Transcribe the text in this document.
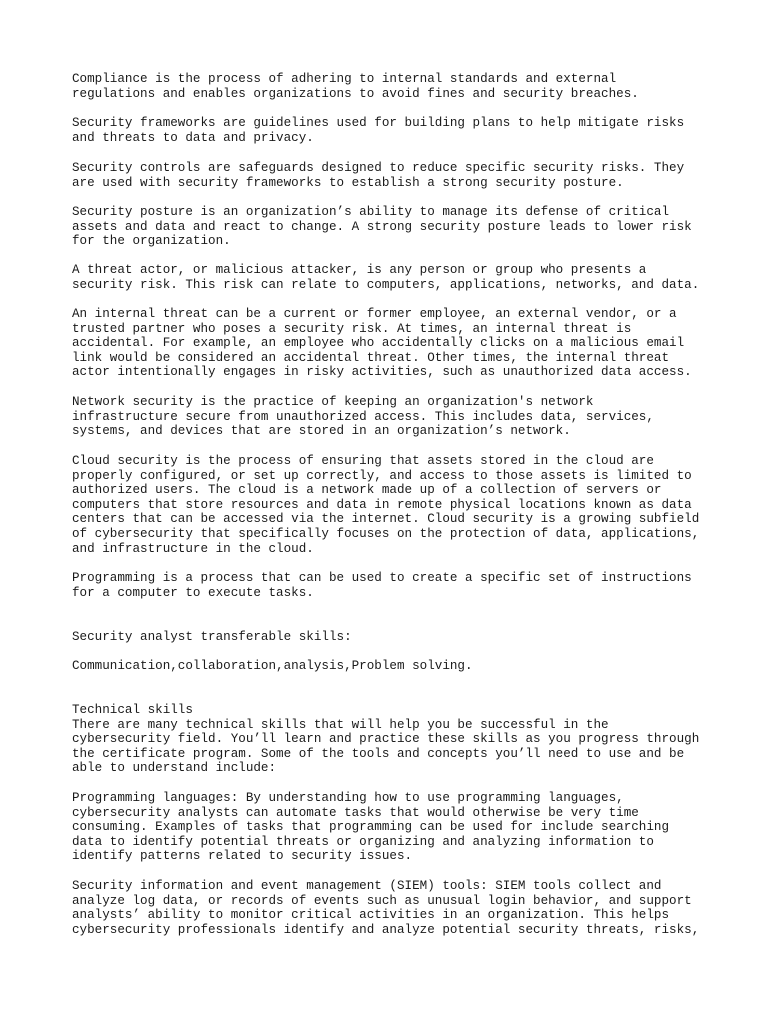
Compliance is the process of adhering to internal standards and external
regulations and enables organizations to avoid fines and security breaches.

Security frameworks are guidelines used for building plans to help mitigate risks
and threats to data and privacy.

Security controls are safeguards designed to reduce specific security risks. They
are used with security frameworks to establish a strong security posture.

Security posture is an organization’s ability to manage its defense of critical
assets and data and react to change. A strong security posture leads to lower risk
for the organization.

A threat actor, or malicious attacker, is any person or group who presents a
security risk. This risk can relate to computers, applications, networks, and data.

An internal threat can be a current or former employee, an external vendor, or a
trusted partner who poses a security risk. At times, an internal threat is
accidental. For example, an employee who accidentally clicks on a malicious email
link would be considered an accidental threat. Other times, the internal threat
actor intentionally engages in risky activities, such as unauthorized data access.

Network security is the practice of keeping an organization's network
infrastructure secure from unauthorized access. This includes data, services,
systems, and devices that are stored in an organization’s network.

Cloud security is the process of ensuring that assets stored in the cloud are
properly configured, or set up correctly, and access to those assets is limited to
authorized users. The cloud is a network made up of a collection of servers or
computers that store resources and data in remote physical locations known as data
centers that can be accessed via the internet. Cloud security is a growing subfield
of cybersecurity that specifically focuses on the protection of data, applications,
and infrastructure in the cloud.

Programming is a process that can be used to create a specific set of instructions
for a computer to execute tasks.

Security analyst transferable skills:

Communication,collaboration,analysis,Problem solving.

Technical skills
There are many technical skills that will help you be successful in the
cybersecurity field. You’ll learn and practice these skills as you progress through
the certificate program. Some of the tools and concepts you’ll need to use and be
able to understand include:

Programming languages: By understanding how to use programming languages,
cybersecurity analysts can automate tasks that would otherwise be very time
consuming. Examples of tasks that programming can be used for include searching
data to identify potential threats or organizing and analyzing information to
identify patterns related to security issues.

Security information and event management (SIEM) tools: SIEM tools collect and
analyze log data, or records of events such as unusual login behavior, and support
analysts’ ability to monitor critical activities in an organization. This helps
cybersecurity professionals identify and analyze potential security threats, risks,
